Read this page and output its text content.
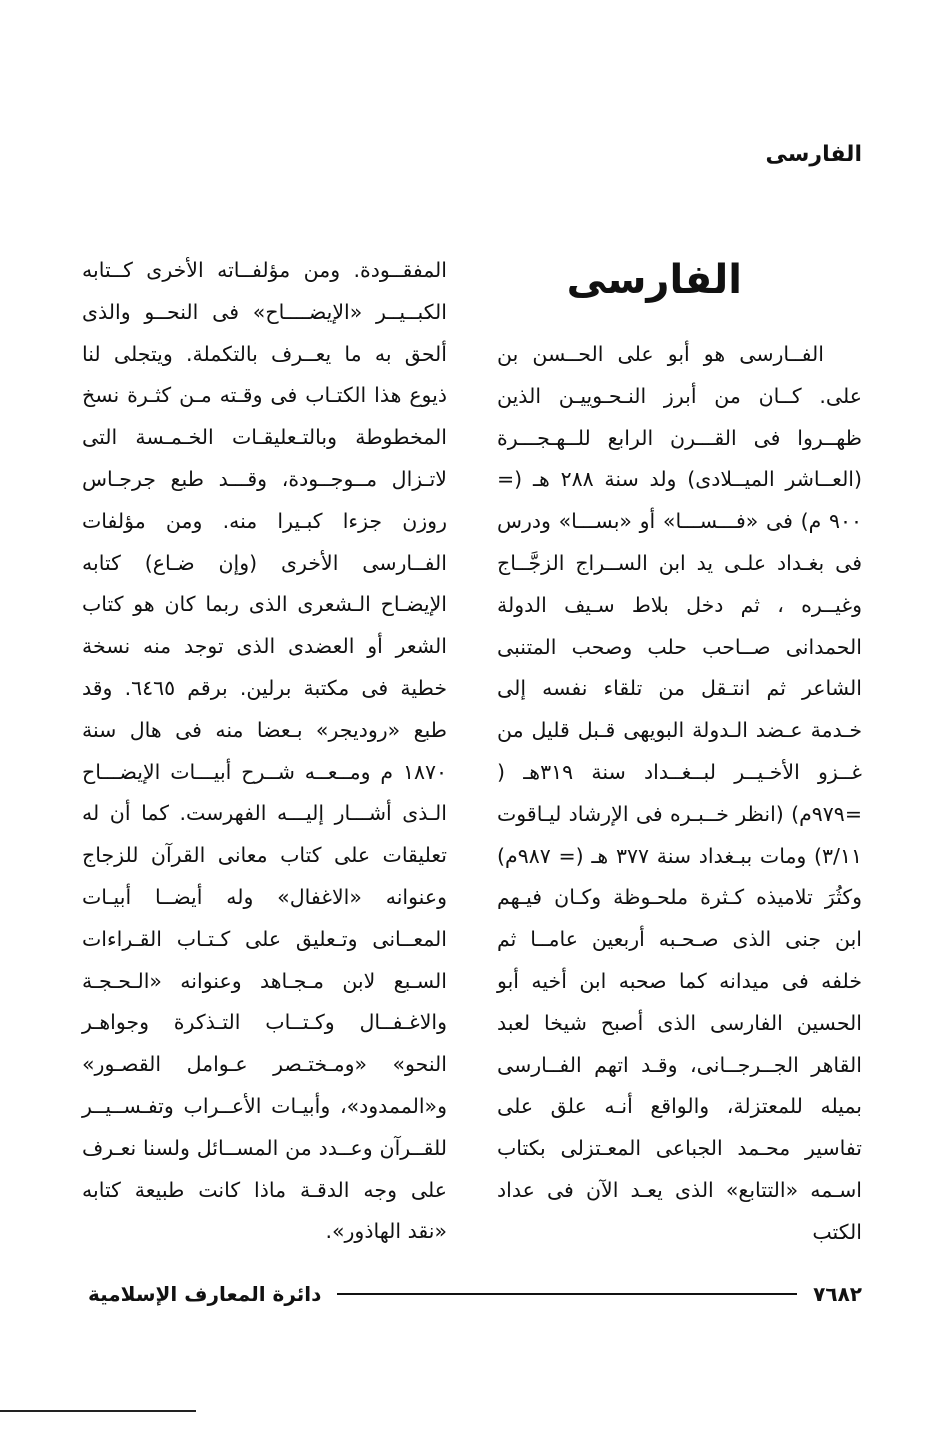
الفارسى
الفارسى

الفــارسى هو أبو على الحــسن بن على. كــان من أبرز النـحـوييـن الذين ظهــروا فى القـــرن الرابع للــهـجـــرة (العــاشر الميــلادى) ولد سنة ٢٨٨ هـ (= ٩٠٠ م) فى «فـــســـا» أو «بســـا» ودرس فى بغـداد علـى يد ابن الســراج الزجَّــاج وغيــره ، ثم دخل بلاط سـيف الدولة الحمدانى صــاحب حلب وصحب المتنبى الشاعر ثم انتـقل من تلقاء نفسه إلى خـدمة عـضد الـدولة البويهى قـبل قليل من غــزو الأخـيــر لبــغــداد سنة ٣١٩هـ ( =٩٧٩م) (انظر خــبـره فى الإرشاد ليـاقوت ٣/١١) ومات ببـغداد سنة ٣٧٧ هـ (= ٩٨٧م) وكثُرَ تلاميذه كـثرة ملحـوظة وكـان فيـهم ابن جنى الذى صـحـبه أربعين عامــا ثم خلفه فى ميدانه كما صحبه ابن أخيه أبو الحسين الفارسى الذى أصبح شيخا لعبد القاهر الجــرجــانى، وقـد اتهم الفــارسى بميله للمعتزلة، والواقع أنـه علق على تفاسير محـمد الجباعى المعـتزلى بكتاب اسـمه «التتابع» الذى يعـد الآن فى عداد الكتب

المفقــودة. ومن مؤلفــاته الأخرى كــتابه الكبــيــر «الإيضــــاح» فى النحــو والذى ألحق به ما يعــرف بالتكملة. ويتجلى لنا ذيوع هذا الكتـاب فى وقـته مـن كثـرة نسخ المخطوطة وبالتـعليقـات الخـمـسة التى لاتـزال مــوجــودة، وقـــد طبع جرجـاس روزن جزءا كبـيرا منه. ومن مؤلفات الفــارسى الأخرى (وإن ضـاع) كتابه الإيضـاح الـشعرى الذى ربما كان هو كتاب الشعر أو العضدى الذى توجد منه نسخة خطية فى مكتبة برلين. برقم ٦٤٦٥. وقد طبع «روديجر» بـعضا منه فى هال سنة ١٨٧٠ م ومــعــه شــرح أبيـــات الإيضـــاح الـذى أشـــار إليـــه الفهرست. كما أن له تعليقات على كتاب معانى القرآن للزجاج وعنوانه «الاغفال» وله أيضــا أبيـات المعــانى وتـعليق على كـتـاب القـراءات السـبع لابن مـجـاهد وعنوانه «الـحـجـة والاغـفــال وكـتــاب التـذكرة وجواهـر النحو» «ومـختـصر عـوامل القصـور» و«الممدود»، وأبيـات الأعــراب وتفـســيــر للقــرآن وعــدد من المســائل ولسنا نعـرف على وجه الدقـة ماذا كانت طبيعة كتابه «نقد الهاذور».

٧٦٨٢
دائرة المعارف الإسلامية
